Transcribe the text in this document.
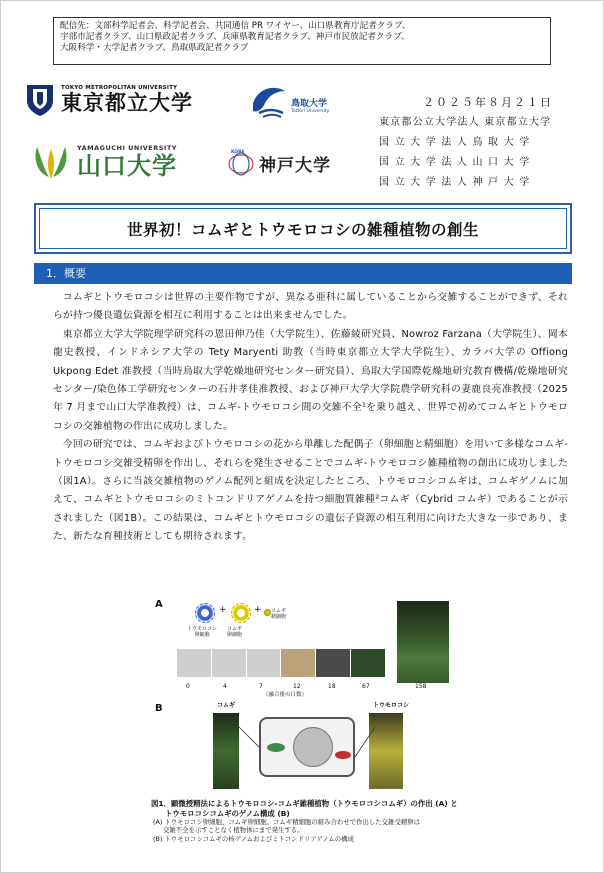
配信先：文部科学記者会、科学記者会、共同通信 PR ワイヤー、山口県教育庁記者クラブ、
宇部市記者クラブ、山口県政記者クラブ、兵庫県教育記者クラブ、神戸市民放記者クラブ、
大阪科学・大学記者クラブ、鳥取県政記者クラブ
TOKYO METROPOLITAN UNIVERSITY
東京都立大学	鳥取大学
Tottori University
YAMAGUCHI UNIVERSITY
山口大学	KOBE
神戸大学
２０２５年８月２１日
東京都公立大学法人 東京都立大学
国 立 大 学 法 人 鳥 取 大 学
国 立 大 学 法 人 山 口 大 学
国 立 大 学 法 人 神 戸 大 学
世界初！コムギとトウモロコシの雑種植物の創生
1．概要

コムギとトウモロコシは世界の主要作物ですが、異なる亜科に属していることから交雑することができず、それらが持つ優良遺伝資源を相互に利用することは出来ませんでした。

東京都立大学大学院理学研究科の恩田伸乃佳（大学院生）、佐藤綾研究員、Nowroz Farzana（大学院生）、岡本龍史教授、インドネシア大学の Tety Maryenti 助教（当時東京都立大学大学院生）、カラバ大学の Offiong Ukpong Edet 准教授（当時鳥取大学乾燥地研究センター研究員）、鳥取大学国際乾燥地研究教育機構/乾燥地研究センター/染色体工学研究センターの石井孝佳准教授、および神戸大学大学院農学研究科の妻鹿良亮准教授（2025 年 7 月まで山口大学准教授）は、コムギ-トウモロコシ間の交雑不全¹を乗り越え、世界で初めてコムギとトウモロコシの交雑植物の作出に成功しました。

今回の研究では、コムギおよびトウモロコシの花から単離した配偶子（卵細胞と精細胞）を用いて多様なコムギ-トウモロコシ交雑受精卵を作出し、それらを発生させることでコムギ-トウモロコシ雑種植物の創出に成功しました（図1A）。さらに当該交雑植物のゲノム配列と組成を決定したところ、トウモロコシコムギは、コムギゲノムに加えて、コムギとトウモロコシのミトコンドリアゲノムを持つ細胞質雑種²コムギ（Cybrid コムギ）であることが示されました（図1B）。この結果は、コムギとトウモロコシの遺伝子資源の相互利用に向けた大きな一歩であり、また、新たな育種技術としても期待されます。

A
トウモロコシ
卵細胞
+
コムギ
卵細胞
+ コムギ
精細胞
0	4	7	12	18	67	158
（融合後の日数）
B	コムギ	トウモロコシ
図1．顕微授精法によるトウモロコシ-コムギ雑種植物（トウモロコシコムギ）の作出 (A) と
トウモロコシコムギのゲノム構成 (B)
(A) トウモロコシ卵細胞、コムギ卵細胞、コムギ精細胞の組み合わせで作出した交雑受精卵は
交雑不全を示すことなく植物体にまで発生する。
(B) トウモロコシコムギの核ゲノムおよびミトコンドリアゲノムの構成
